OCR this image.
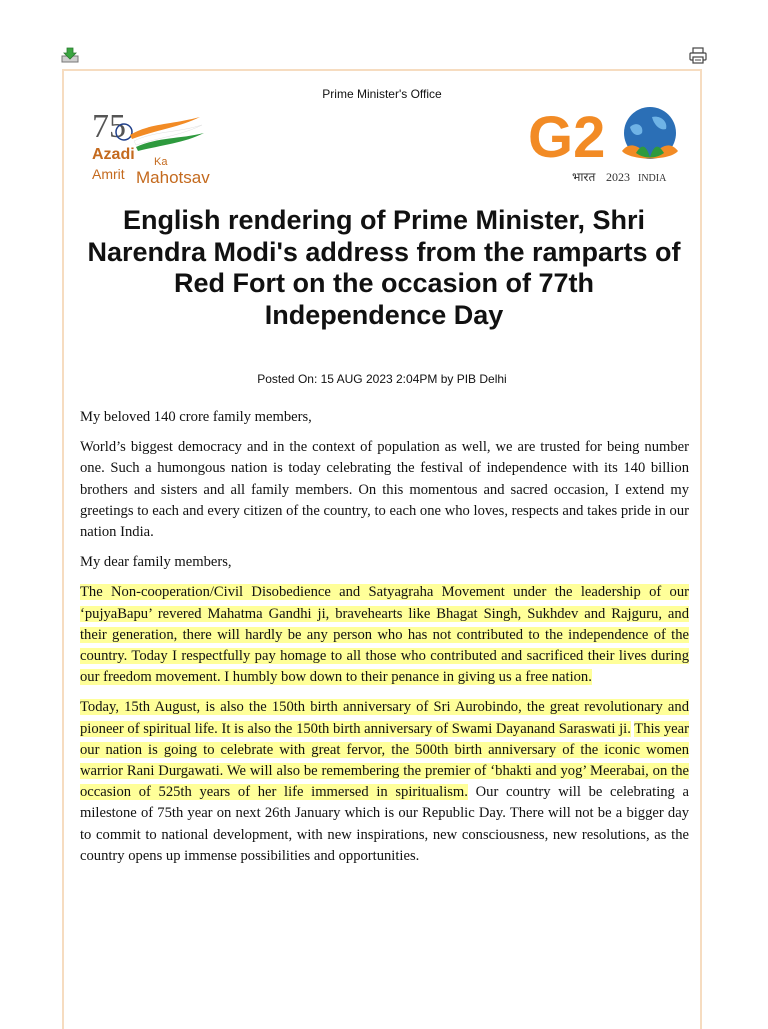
Prime Minister's Office
75
Azadi Ka
Amrit Mahotsav
G2
भारत 2023 INDIA
English rendering of Prime Minister, Shri Narendra Modi's address from the ramparts of Red Fort on the occasion of 77th Independence Day
Posted On: 15 AUG 2023 2:04PM by PIB Delhi

My beloved 140 crore family members,

World’s biggest democracy and in the context of population as well, we are trusted for being number one. Such a humongous nation is today celebrating the festival of independence with its 140 billion brothers and sisters and all family members. On this momentous and sacred occasion, I extend my greetings to each and every citizen of the country, to each one who loves, respects and takes pride in our nation India.

My dear family members,

The Non-cooperation/Civil Disobedience and Satyagraha Movement under the leadership of our ‘pujyaBapu’ revered Mahatma Gandhi ji, bravehearts like Bhagat Singh, Sukhdev and Rajguru, and their generation, there will hardly be any person who has not contributed to the independence of the country. Today I respectfully pay homage to all those who contributed and sacrificed their lives during our freedom movement. I humbly bow down to their penance in giving us a free nation.

Today, 15th August, is also the 150th birth anniversary of Sri Aurobindo, the great revolutionary and pioneer of spiritual life. It is also the 150th birth anniversary of Swami Dayanand Saraswati ji. This year our nation is going to celebrate with great fervor, the 500th birth anniversary of the iconic women warrior Rani Durgawati. We will also be remembering the premier of ‘bhakti and yog’ Meerabai, on the occasion of 525th years of her life immersed in spiritualism. Our country will be celebrating a milestone of 75th year on next 26th January which is our Republic Day. There will not be a bigger day to commit to national development, with new inspirations, new consciousness, new resolutions, as the country opens up immense possibilities and opportunities.
